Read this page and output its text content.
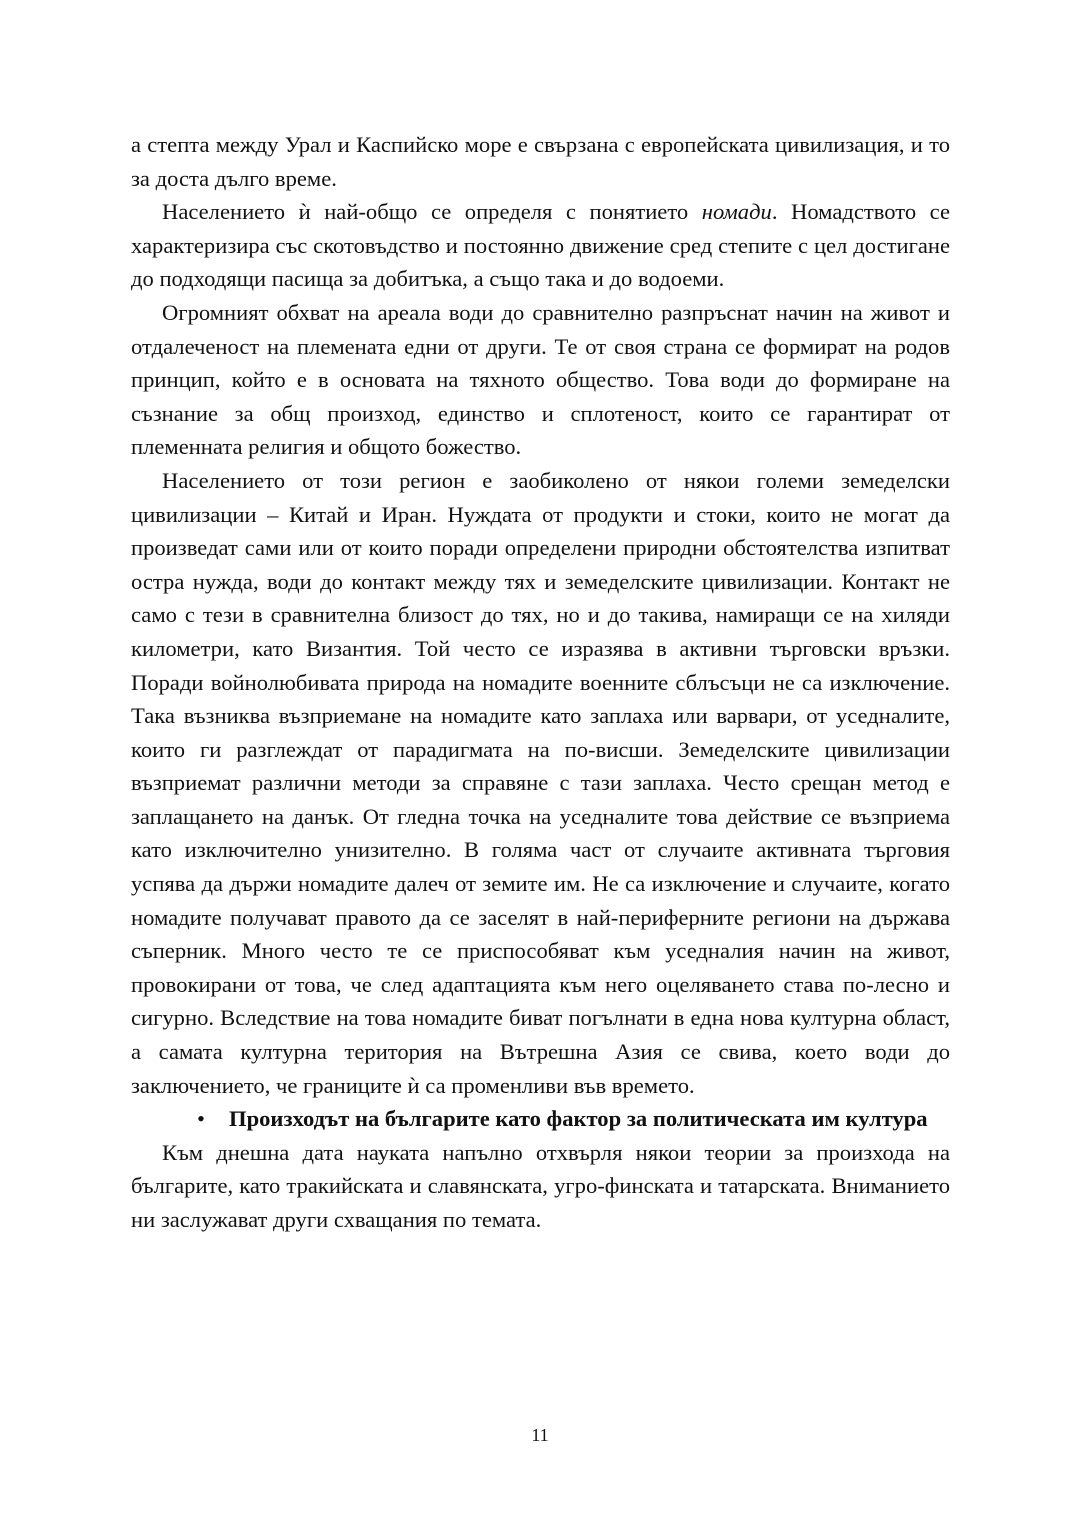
а степта между Урал и Каспийско море е свързана с европейската цивилизация, и то за доста дълго време.

Населението ѝ най-общо се определя с понятието номади. Номадството се характеризира със скотовъдство и постоянно движение сред степите с цел достигане до подходящи пасища за добитъка, а също така и до водоеми.

Огромният обхват на ареала води до сравнително разпръснат начин на живот и отдалеченост на племената едни от други. Те от своя страна се формират на родов принцип, който е в основата на тяхното общество. Това води до формиране на съзнание за общ произход, единство и сплотеност, които се гарантират от племенната религия и общото божество.

Населението от този регион е заобиколено от някои големи земеделски цивилизации – Китай и Иран. Нуждата от продукти и стоки, които не могат да произведат сами или от които поради определени природни обстоятелства изпитват остра нужда, води до контакт между тях и земеделските цивилизации. Контакт не само с тези в сравнителна близост до тях, но и до такива, намиращи се на хиляди километри, като Византия. Той често се изразява в активни търговски връзки. Поради войнолюбивата природа на номадите военните сблъсъци не са изключение. Така възниква възприемане на номадите като заплаха или варвари, от уседналите, които ги разглеждат от парадигмата на по-висши. Земеделските цивилизации възприемат различни методи за справяне с тази заплаха. Често срещан метод е заплащането на данък. От гледна точка на уседналите това действие се възприема като изключително унизително. В голяма част от случаите активната търговия успява да държи номадите далеч от земите им. Не са изключение и случаите, когато номадите получават правото да се заселят в най-периферните региони на държава съперник. Много често те се приспособяват към уседналия начин на живот, провокирани от това, че след адаптацията към него оцеляването става по-лесно и сигурно. Вследствие на това номадите биват погълнати в една нова културна област, а самата културна територия на Вътрешна Азия се свива, което води до заключението, че границите ѝ са променливи във времето.

• Произходът на българите като фактор за политическата им култура

Към днешна дата науката напълно отхвърля някои теории за произхода на българите, като тракийската и славянската, угро-финската и татарската. Вниманието ни заслужават други схващания по темата.

11
